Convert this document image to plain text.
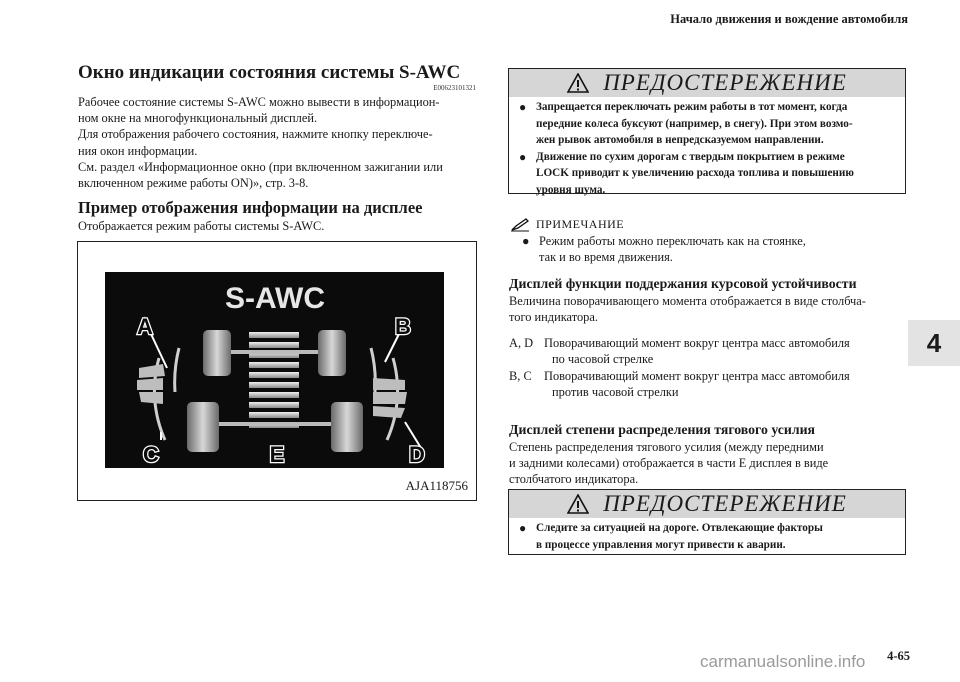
Начало движения и вождение автомобиля
4
4-65
Окно индикации состояния системы S-AWC
E00623101321
Рабочее состояние системы S-AWC можно вывести в информацион-
ном окне на многофункциональный дисплей.
Для отображения рабочего состояния, нажмите кнопку переключе-
ния окон информации.
См. раздел «Информационное окно (при включенном зажигании или
включенном режиме работы ON)», стр. 3-8.
Пример отображения информации на дисплее
Отображается режим работы системы S-AWC.
S-AWC
A	B
C	E	D
AJA118756
ПРЕДОСТЕРЕЖЕНИЕ
● Запрещается переключать режим работы в тот момент, когда
передние колеса буксуют (например, в снегу). При этом возмо-
жен рывок автомобиля в непредсказуемом направлении.
● Движение по сухим дорогам с твердым покрытием в режиме
LOCK приводит к увеличению расхода топлива и повышению
уровня шума.
ПРИМЕЧАНИЕ
● Режим работы можно переключать как на стоянке,
так и во время движения.
Дисплей функции поддержания курсовой устойчивости
Величина поворачивающего момента отображается в виде столбча-
того индикатора.
A, D Поворачивающий момент вокруг центра масс автомобиля
по часовой стрелке
B, C Поворачивающий момент вокруг центра масс автомобиля
против часовой стрелки
Дисплей степени распределения тягового усилия
Степень распределения тягового усилия (между передними
и задними колесами) отображается в части E дисплея в виде
столбчатого индикатора.
ПРЕДОСТЕРЕЖЕНИЕ
● Следите за ситуацией на дороге. Отвлекающие факторы
в процессе управления могут привести к аварии.
carmanualsonline.info
